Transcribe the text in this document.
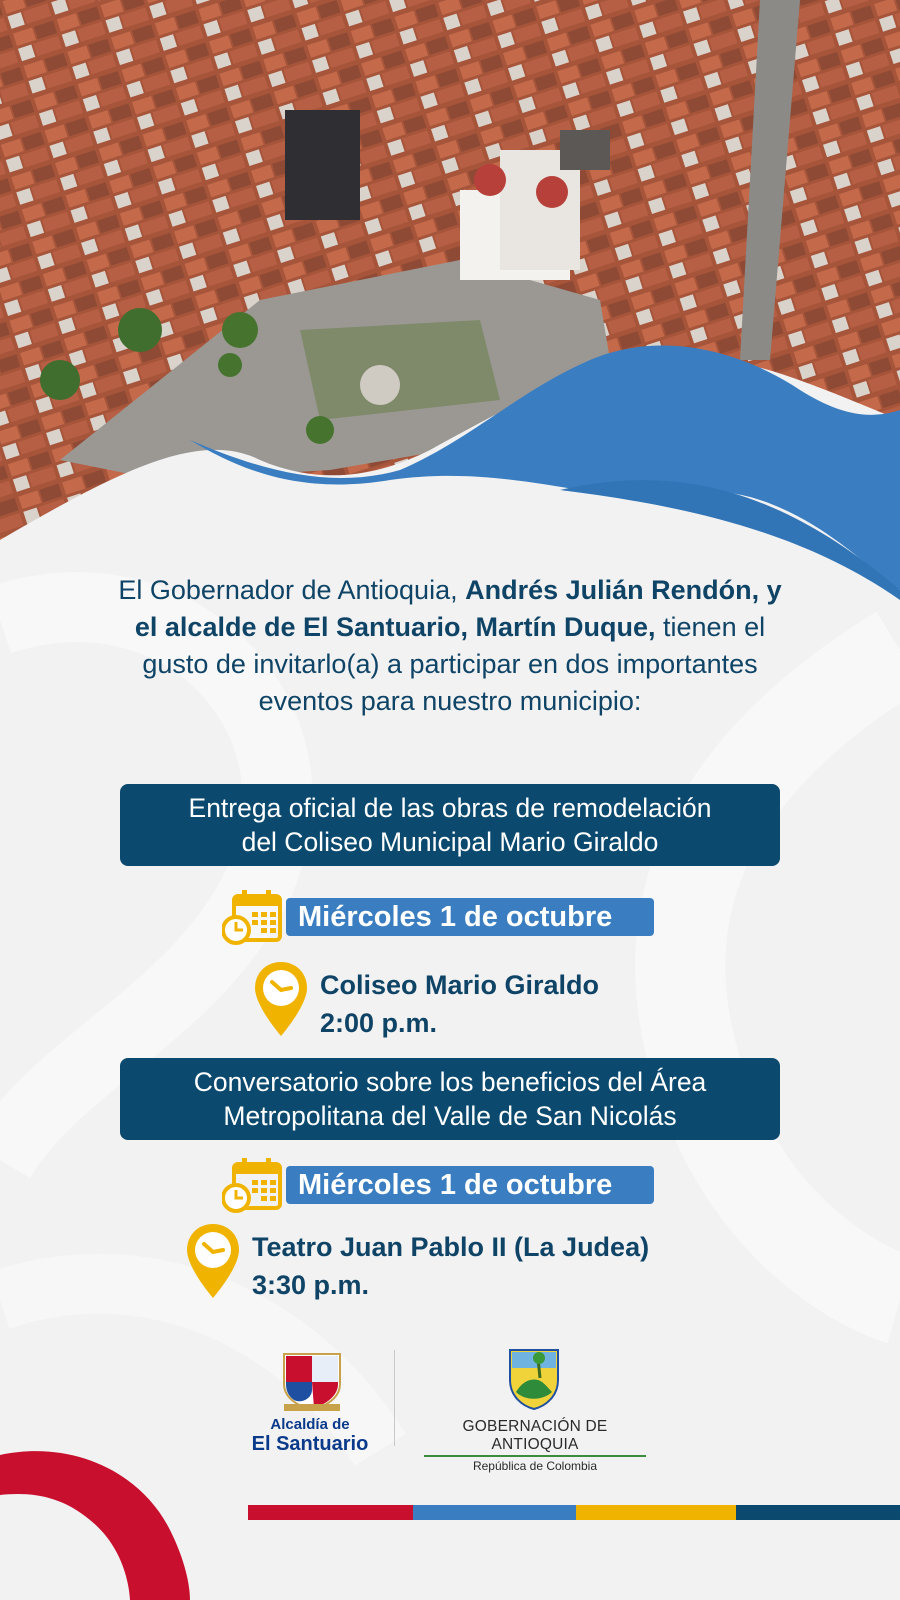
El Gobernador de Antioquia, Andrés Julián Rendón, y el alcalde de El Santuario, Martín Duque, tienen el gusto de invitarlo(a) a participar en dos importantes eventos para nuestro municipio:
Entrega oficial de las obras de remodelación
del Coliseo Municipal Mario Giraldo
Miércoles 1 de octubre
Coliseo Mario Giraldo
2:00 p.m.
Conversatorio sobre los beneficios del Área
Metropolitana del Valle de San Nicolás
Miércoles 1 de octubre
Teatro Juan Pablo II (La Judea)
3:30 p.m.
Alcaldía de
El Santuario
GOBERNACIÓN DE ANTIOQUIA
República de Colombia
